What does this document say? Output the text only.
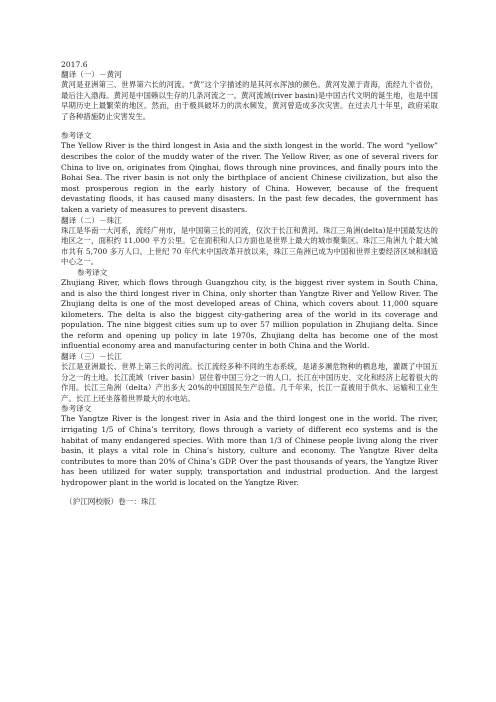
2017.6

翻译（一）－黄河

黄河是亚洲第三、世界第六长的河流。“黄”这个字描述的是其河水浑浊的颜色。黄河发源于青海，流经九个省份，最后注入渤海。黄河是中国赖以生存的几条河流之一。黄河流域(river basin)是中国古代文明的诞生地，也是中国早期历史上最繁荣的地区。然而，由于极具破坏力的洪水频发，黄河曾造成多次灾害。在过去几十年里，政府采取了各种措施防止灾害发生。

参考译文

The Yellow River is the third longest in Asia and the sixth longest in the world. The word “yellow” describes the color of the muddy water of the river. The Yellow River, as one of several rivers for China to live on, originates from Qinghai, flows through nine provinces, and finally pours into the Bohai Sea. The river basin is not only the birthplace of ancient Chinese civilization, but also the most prosperous region in the early history of China. However, because of the frequent devastating floods, it has caused many disasters. In the past few decades, the government has taken a variety of measures to prevent disasters.

翻译（二）－珠江

珠江是华南一大河系，流经广州市，是中国第三长的河流，仅次于长江和黄河。珠江三角洲(delta)是中国最发达的地区之一，面积约 11,000 平方公里。它在面积和人口方面也是世界上最大的城市聚集区。珠江三角洲九个最大城市共有 5,700 多万人口。上世纪 70 年代末中国改革开放以来，珠江三角洲已成为中国和世界主要经济区域和制造中心之一。

参考译文

Zhujiang River, which flows through Guangzhou city, is the biggest river system in South China, and is also the third longest river in China, only shorter than Yangtze River and Yellow River. The Zhujiang delta is one of the most developed areas of China, which covers about 11,000 square kilometers. The delta is also the biggest city-gathering area of the world in its coverage and population. The nine biggest cities sum up to over 57 million population in Zhujiang delta. Since the reform and opening up policy in late 1970s, Zhujiang delta has become one of the most influential economy area and manufacturing center in both China and the World.

翻译（三）－长江

长江是亚洲最长、世界上第三长的河流。长江流经多种不同的生态系统，是诸多濒危物种的栖息地，灌溉了中国五分之一的土地。长江流域（river basin）居住着中国三分之一的人口。长江在中国历史、文化和经济上起着很大的作用。长江三角洲（delta）产出多大 20%的中国国民生产总值。几千年来，长江一直被用于供水、运输和工业生产。长江上还坐落着世界最大的水电站。

参考译文

The Yangtze River is the longest river in Asia and the third longest one in the world. The river, irrigating 1/5 of China’s territory, flows through a variety of different eco systems and is the habitat of many endangered species. With more than 1/3 of Chinese people living along the river basin, it plays a vital role in China’s history, culture and economy. The Yangtze River delta contributes to more than 20% of China’s GDP. Over the past thousands of years, the Yangtze River has been utilized for water supply, transportation and industrial production. And the largest hydropower plant in the world is located on the Yangtze River.

（沪江网校版）卷一：珠江
